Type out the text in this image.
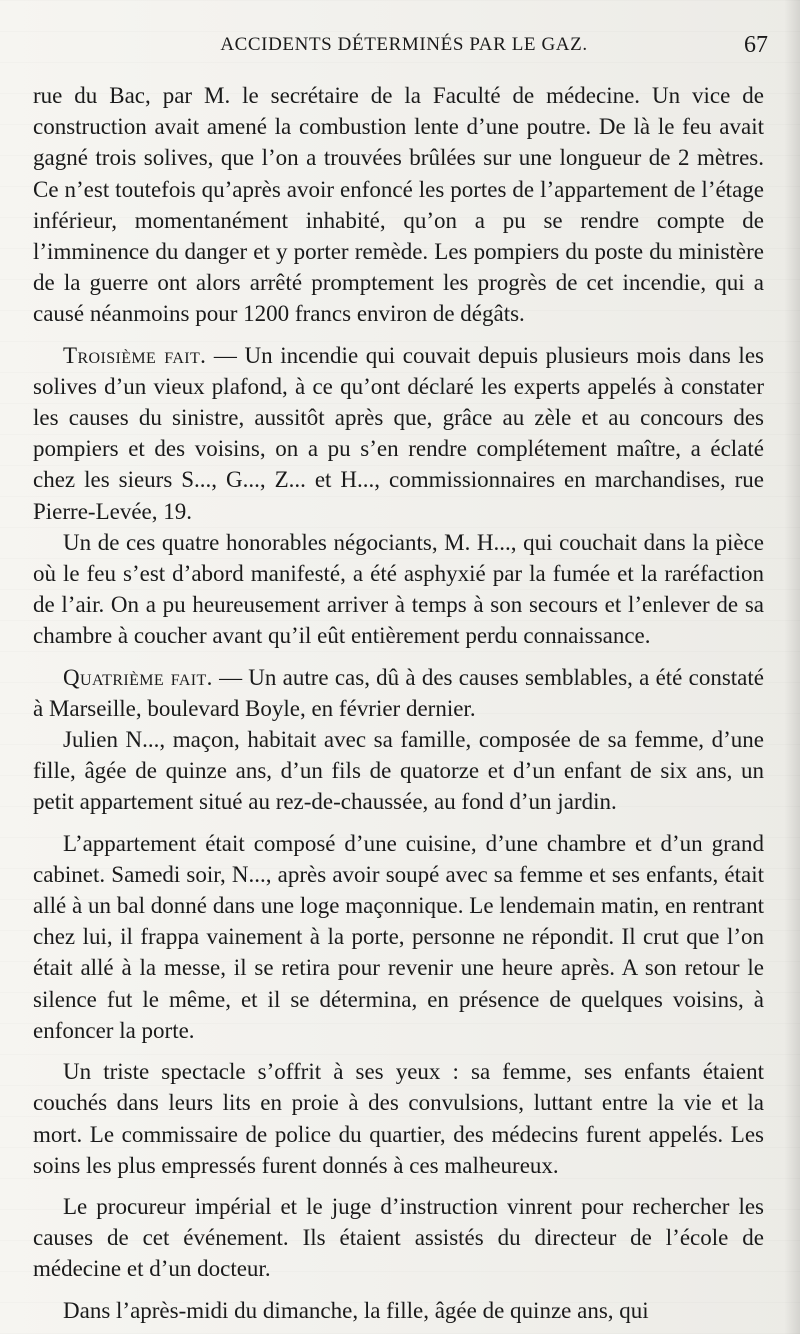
ACCIDENTS DÉTERMINÉS PAR LE GAZ.	67

rue du Bac, par M. le secrétaire de la Faculté de médecine. Un vice de construction avait amené la combustion lente d’une poutre. De là le feu avait gagné trois solives, que l’on a trouvées brûlées sur une longueur de 2 mètres. Ce n’est toutefois qu’après avoir enfoncé les portes de l’appartement de l’étage inférieur, momentanément inhabité, qu’on a pu se rendre compte de l’imminence du danger et y porter remède. Les pompiers du poste du ministère de la guerre ont alors arrêté promptement les progrès de cet incendie, qui a causé néanmoins pour 1200 francs environ de dégâts.

Troisième fait. — Un incendie qui couvait depuis plusieurs mois dans les solives d’un vieux plafond, à ce qu’ont déclaré les experts appelés à constater les causes du sinistre, aussitôt après que, grâce au zèle et au concours des pompiers et des voisins, on a pu s’en rendre complétement maître, a éclaté chez les sieurs S..., G..., Z... et H..., commissionnaires en marchandises, rue Pierre-Levée, 19.

Un de ces quatre honorables négociants, M. H..., qui couchait dans la pièce où le feu s’est d’abord manifesté, a été asphyxié par la fumée et la raréfaction de l’air. On a pu heureusement arriver à temps à son secours et l’enlever de sa chambre à coucher avant qu’il eût entièrement perdu connaissance.

Quatrième fait. — Un autre cas, dû à des causes semblables, a été constaté à Marseille, boulevard Boyle, en février dernier.

Julien N..., maçon, habitait avec sa famille, composée de sa femme, d’une fille, âgée de quinze ans, d’un fils de quatorze et d’un enfant de six ans, un petit appartement situé au rez-de-chaussée, au fond d’un jardin.

L’appartement était composé d’une cuisine, d’une chambre et d’un grand cabinet. Samedi soir, N..., après avoir soupé avec sa femme et ses enfants, était allé à un bal donné dans une loge maçonnique. Le lendemain matin, en rentrant chez lui, il frappa vainement à la porte, personne ne répondit. Il crut que l’on était allé à la messe, il se retira pour revenir une heure après. A son retour le silence fut le même, et il se détermina, en présence de quelques voisins, à enfoncer la porte.

Un triste spectacle s’offrit à ses yeux : sa femme, ses enfants étaient couchés dans leurs lits en proie à des convulsions, luttant entre la vie et la mort. Le commissaire de police du quartier, des médecins furent appelés. Les soins les plus empressés furent donnés à ces malheureux.

Le procureur impérial et le juge d’instruction vinrent pour rechercher les causes de cet événement. Ils étaient assistés du directeur de l’école de médecine et d’un docteur.

Dans l’après-midi du dimanche, la fille, âgée de quinze ans, qui
